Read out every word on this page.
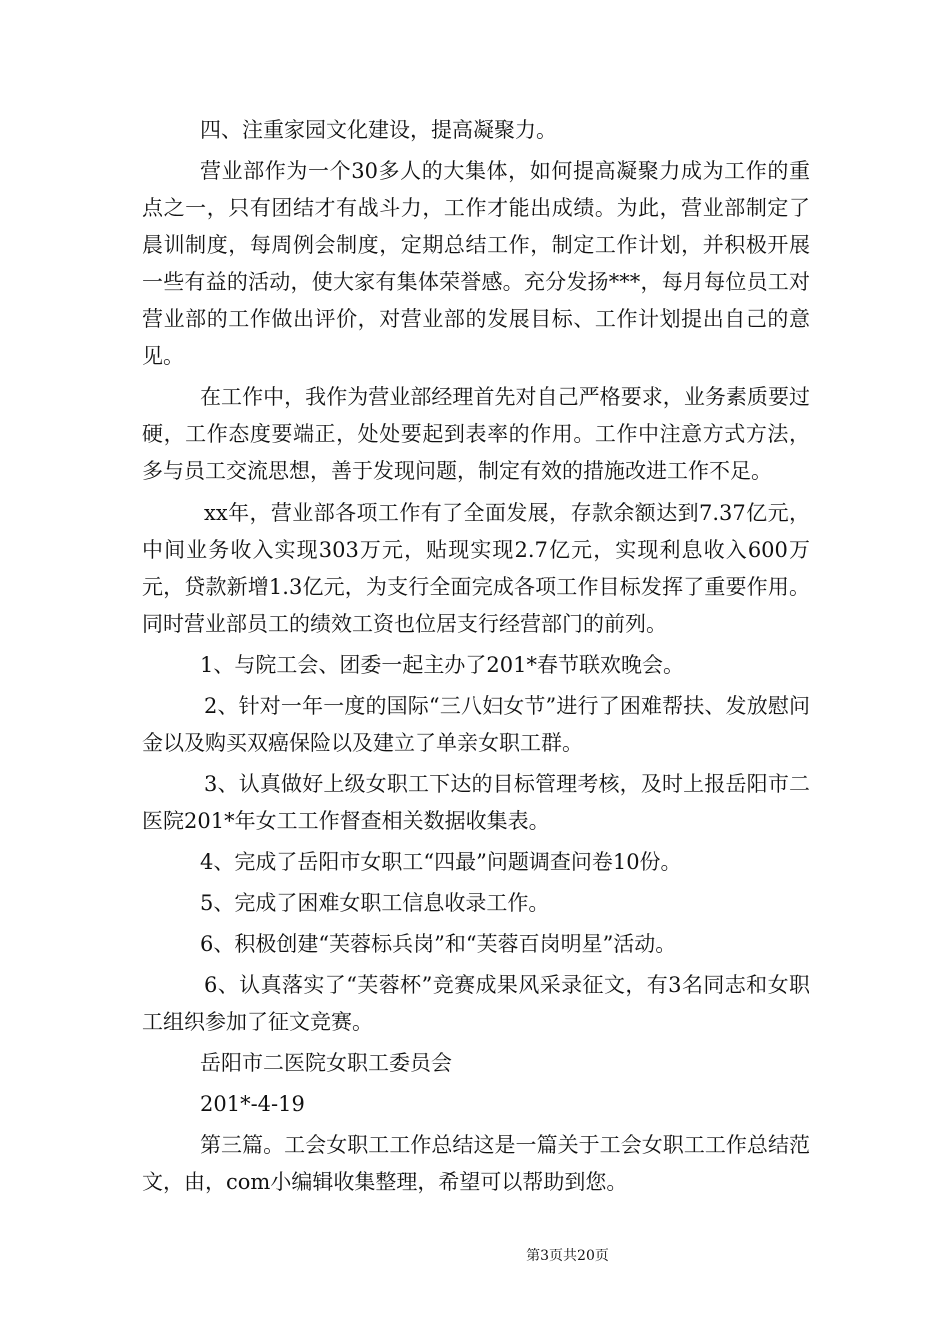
四、注重家园文化建设，提高凝聚力。

营业部作为一个30多人的大集体，如何提高凝聚力成为工作的重点之一，只有团结才有战斗力，工作才能出成绩。为此，营业部制定了晨训制度，每周例会制度，定期总结工作，制定工作计划，并积极开展一些有益的活动，使大家有集体荣誉感。充分发扬***，每月每位员工对营业部的工作做出评价，对营业部的发展目标、工作计划提出自己的意见。

在工作中，我作为营业部经理首先对自己严格要求，业务素质要过硬，工作态度要端正，处处要起到表率的作用。工作中注意方式方法，多与员工交流思想，善于发现问题，制定有效的措施改进工作不足。

xx年，营业部各项工作有了全面发展，存款余额达到7.37亿元，中间业务收入实现303万元，贴现实现2.7亿元，实现利息收入600万元，贷款新增1.3亿元，为支行全面完成各项工作目标发挥了重要作用。同时营业部员工的绩效工资也位居支行经营部门的前列。

1、与院工会、团委一起主办了201*春节联欢晚会。

2、针对一年一度的国际“三八妇女节”进行了困难帮扶、发放慰问金以及购买双癌保险以及建立了单亲女职工群。

3、认真做好上级女职工下达的目标管理考核，及时上报岳阳市二医院201*年女工工作督查相关数据收集表。

4、完成了岳阳市女职工“四最”问题调查问卷10份。

5、完成了困难女职工信息收录工作。

6、积极创建“芙蓉标兵岗”和“芙蓉百岗明星”活动。

6、认真落实了“芙蓉杯”竞赛成果风采录征文，有3名同志和女职工组织参加了征文竞赛。

岳阳市二医院女职工委员会

201*-4-19

第三篇。工会女职工工作总结这是一篇关于工会女职工工作总结范文，由，com小编辑收集整理，希望可以帮助到您。

第3页共20页
